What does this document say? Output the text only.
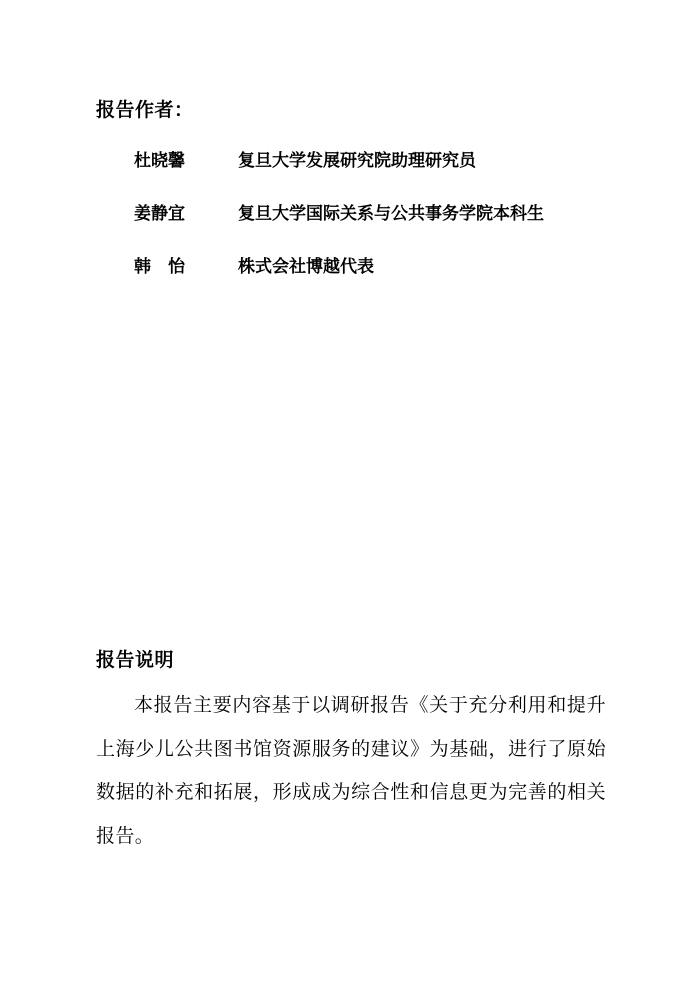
报告作者：
杜晓馨	复旦大学发展研究院助理研究员
姜静宜	复旦大学国际关系与公共事务学院本科生
韩怡	株式会社博越代表
报告说明

本报告主要内容基于以调研报告《关于充分利用和提升上海少儿公共图书馆资源服务的建议》为基础，进行了原始数据的补充和拓展，形成成为综合性和信息更为完善的相关报告。
